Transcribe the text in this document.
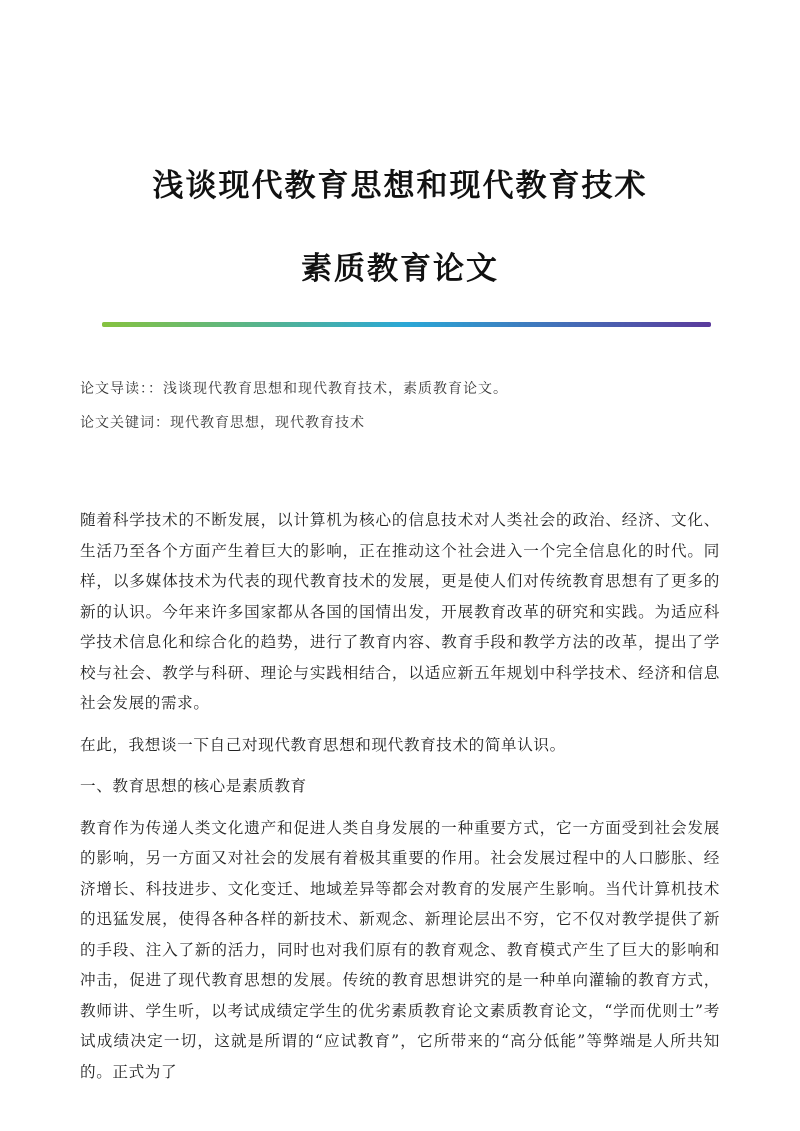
浅谈现代教育思想和现代教育技术
素质教育论文
论文导读：：浅谈现代教育思想和现代教育技术，素质教育论文。
论文关键词：现代教育思想，现代教育技术

随着科学技术的不断发展，以计算机为核心的信息技术对人类社会的政治、经济、文化、生活乃至各个方面产生着巨大的影响，正在推动这个社会进入一个完全信息化的时代。同样，以多媒体技术为代表的现代教育技术的发展，更是使人们对传统教育思想有了更多的新的认识。今年来许多国家都从各国的国情出发，开展教育改革的研究和实践。为适应科学技术信息化和综合化的趋势，进行了教育内容、教育手段和教学方法的改革，提出了学校与社会、教学与科研、理论与实践相结合，以适应新五年规划中科学技术、经济和信息社会发展的需求。

在此，我想谈一下自己对现代教育思想和现代教育技术的简单认识。

一、教育思想的核心是素质教育

教育作为传递人类文化遗产和促进人类自身发展的一种重要方式，它一方面受到社会发展的影响，另一方面又对社会的发展有着极其重要的作用。社会发展过程中的人口膨胀、经济增长、科技进步、文化变迁、地域差异等都会对教育的发展产生影响。当代计算机技术的迅猛发展，使得各种各样的新技术、新观念、新理论层出不穷，它不仅对教学提供了新的手段、注入了新的活力，同时也对我们原有的教育观念、教育模式产生了巨大的影响和冲击，促进了现代教育思想的发展。传统的教育思想讲究的是一种单向灌输的教育方式，教师讲、学生听，以考试成绩定学生的优劣素质教育论文素质教育论文，“学而优则士”考试成绩决定一切，这就是所谓的“应试教育”，它所带来的“高分低能”等弊端是人所共知的。正式为了
